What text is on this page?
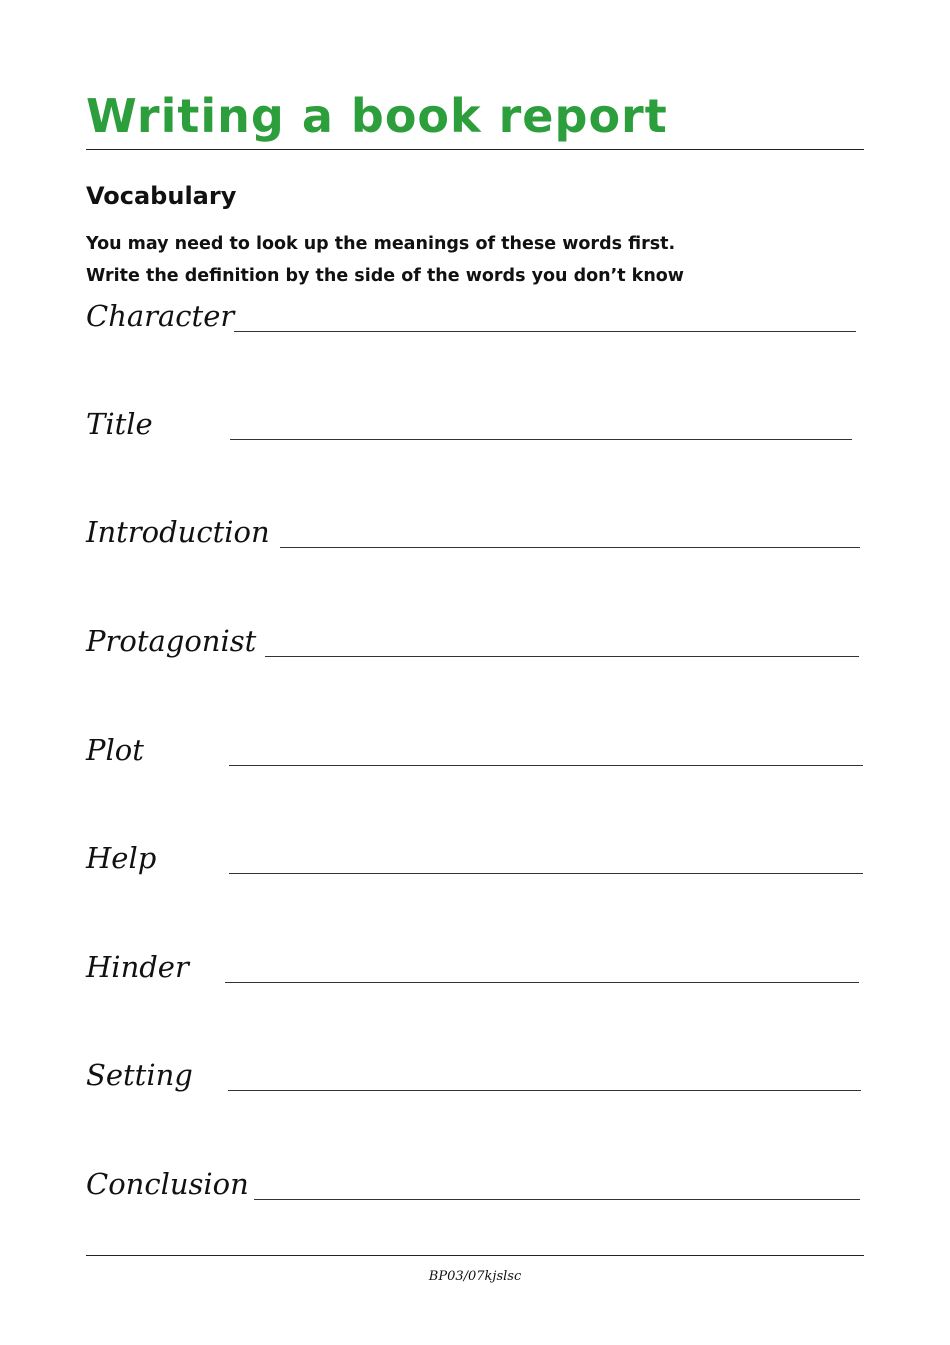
Writing a book report
Vocabulary
You may need to look up the meanings of these words first.
Write the definition by the side of the words you don’t know
Character
Title
Introduction
Protagonist
Plot
Help
Hinder
Setting
Conclusion
BP03/07kjslsc
